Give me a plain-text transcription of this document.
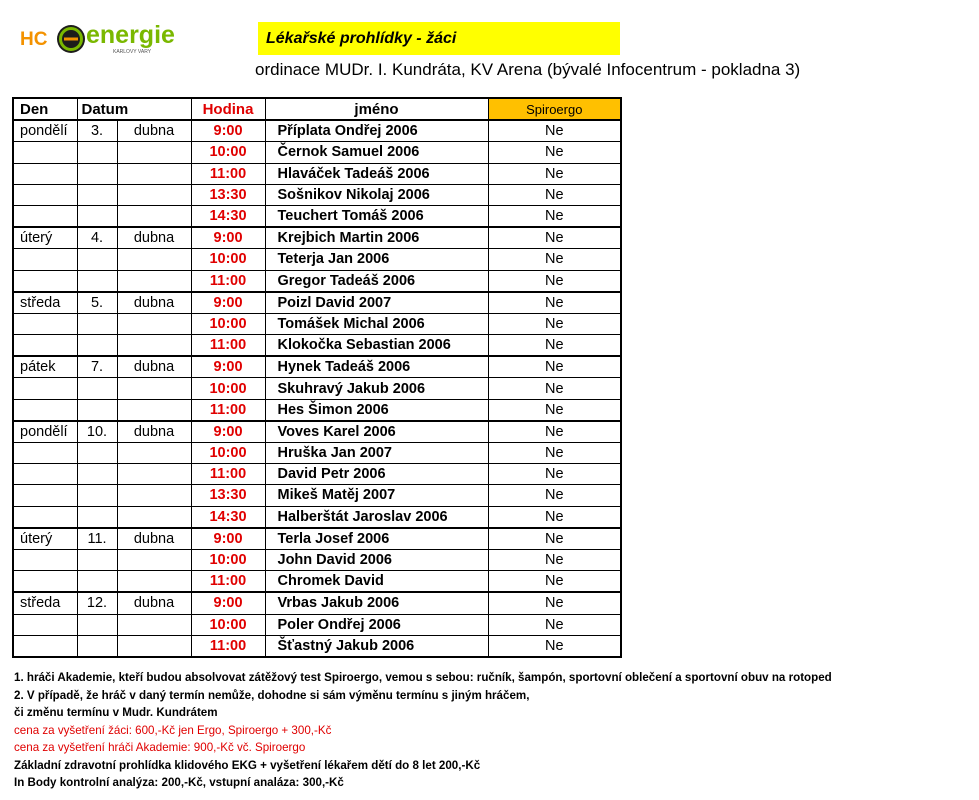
HC energie
KARLOVY VARY
Lékařské prohlídky - žáci
ordinace MUDr. I. Kundráta, KV Arena (bývalé Infocentrum - pokladna 3)
Den	Datum		Hodina	jméno	Spiroergo
pondělí	3.	dubna	9:00	Příplata Ondřej 2006	Ne
			10:00	Černok Samuel 2006	Ne
			11:00	Hlaváček Tadeáš 2006	Ne
			13:30	Sošnikov Nikolaj 2006	Ne
			14:30	Teuchert Tomáš 2006	Ne
úterý	4.	dubna	9:00	Krejbich Martin 2006	Ne
			10:00	Teterja Jan 2006	Ne
			11:00	Gregor Tadeáš 2006	Ne
středa	5.	dubna	9:00	Poizl David 2007	Ne
			10:00	Tomášek Michal 2006	Ne
			11:00	Klokočka Sebastian 2006	Ne
pátek	7.	dubna	9:00	Hynek Tadeáš 2006	Ne
			10:00	Skuhravý Jakub 2006	Ne
			11:00	Hes Šimon 2006	Ne
pondělí	10.	dubna	9:00	Voves Karel 2006	Ne
			10:00	Hruška Jan 2007	Ne
			11:00	David Petr 2006	Ne
			13:30	Mikeš Matěj 2007	Ne
			14:30	Halberštát Jaroslav 2006	Ne
úterý	11.	dubna	9:00	Terla Josef 2006	Ne
			10:00	John David 2006	Ne
			11:00	Chromek David	Ne
středa	12.	dubna	9:00	Vrbas Jakub 2006	Ne
			10:00	Poler Ondřej 2006	Ne
			11:00	Šťastný Jakub 2006	Ne
1. hráči Akademie, kteří budou absolvovat zátěžový test Spiroergo, vemou s sebou: ručník, šampón, sportovní oblečení a sportovní obuv na rotoped
2. V případě, že hráč v daný termín nemůže, dohodne si sám výměnu termínu s jiným hráčem,
či změnu termínu v Mudr. Kundrátem
cena za vyšetření žáci: 600,-Kč jen Ergo, Spiroergo + 300,-Kč
cena za vyšetření hráči Akademie: 900,-Kč vč. Spiroergo
Základní zdravotní prohlídka klidového EKG + vyšetření lékařem dětí do 8 let 200,-Kč
In Body kontrolní analýza: 200,-Kč, vstupní analáza: 300,-Kč
